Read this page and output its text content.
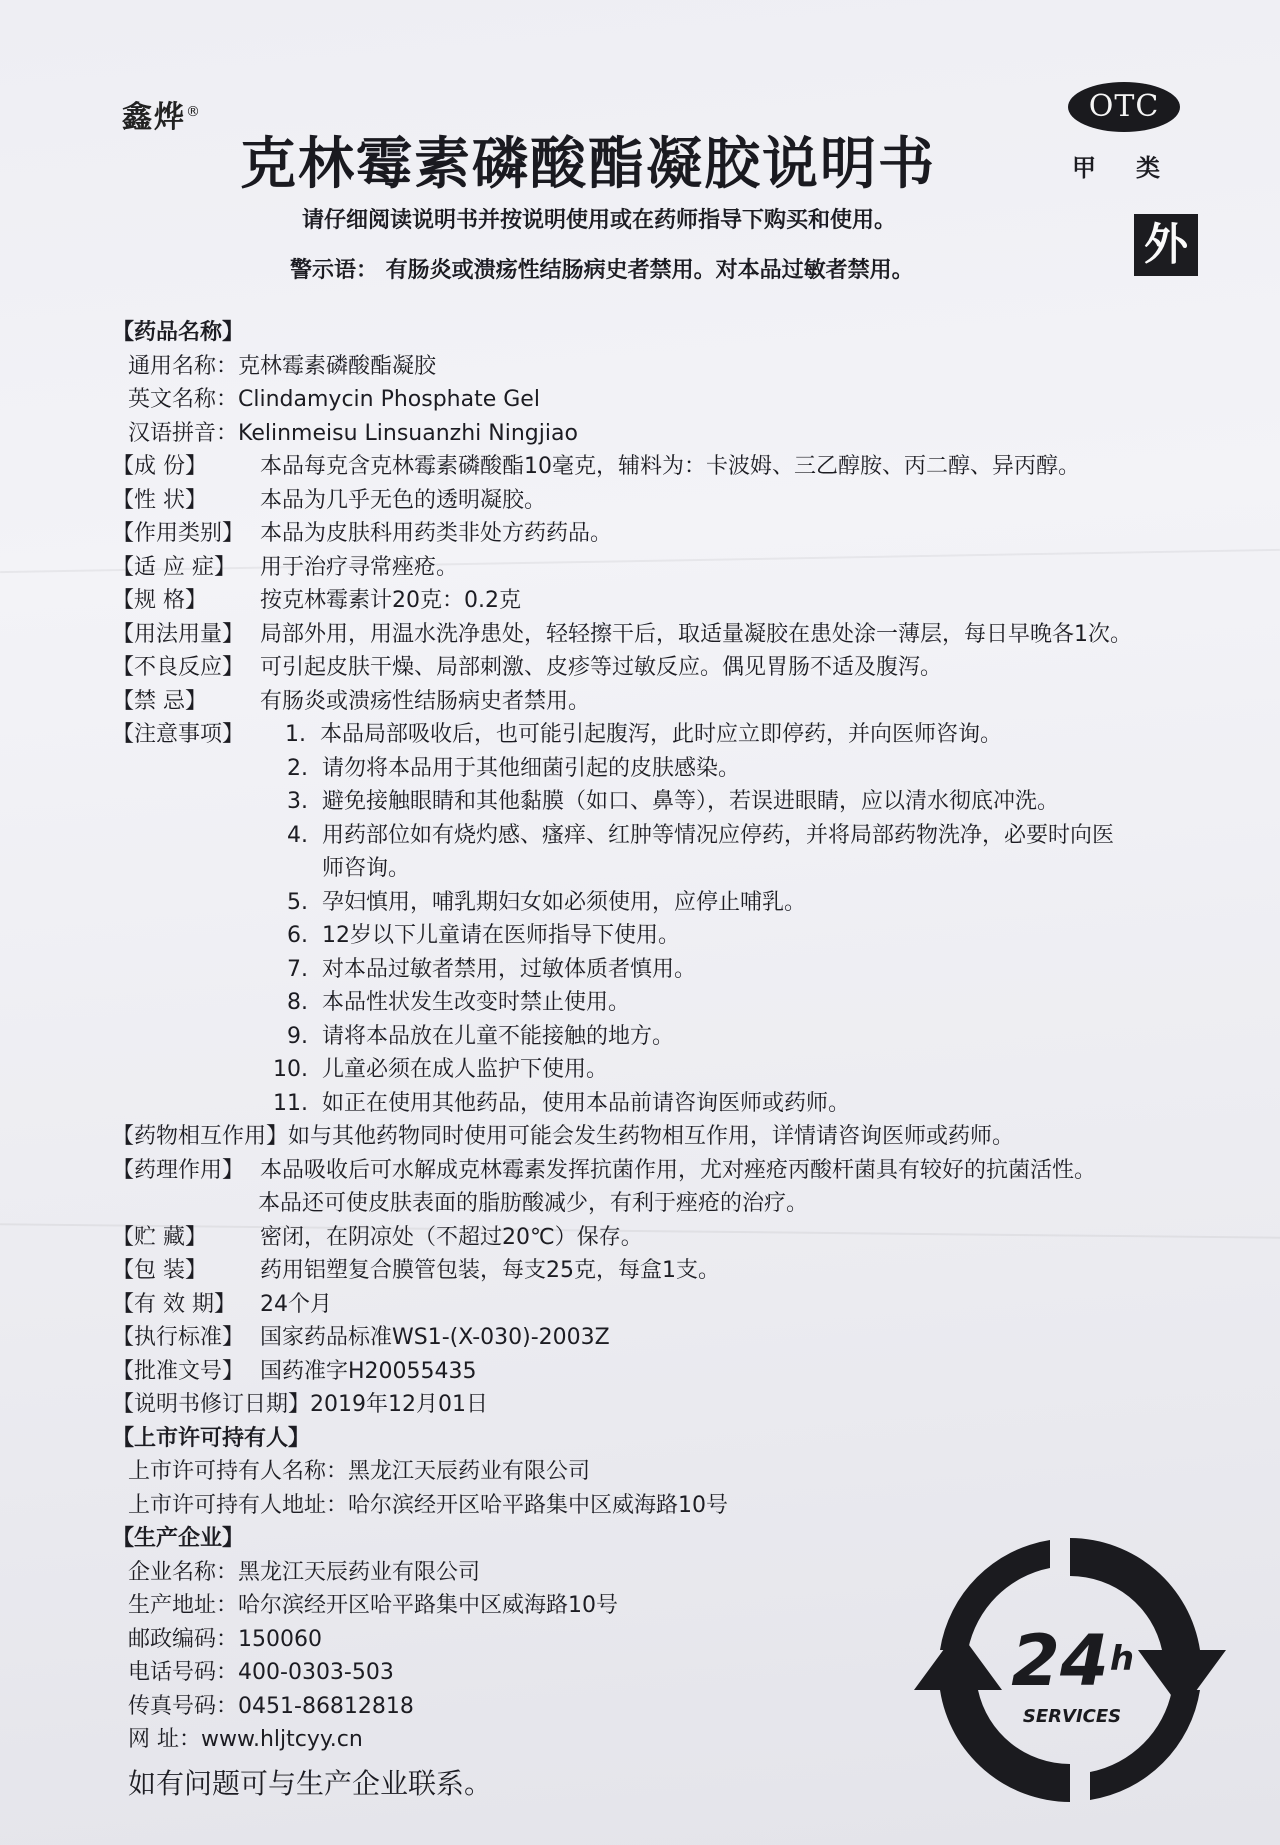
鑫烨®
克林霉素磷酸酯凝胶说明书
OTC
甲类
外
请仔细阅读说明书并按说明使用或在药师指导下购买和使用。
警示语： 有肠炎或溃疡性结肠病史者禁用。对本品过敏者禁用。
【药品名称】
通用名称：克林霉素磷酸酯凝胶
英文名称：Clindamycin Phosphate Gel
汉语拼音：Kelinmeisu Linsuanzhi Ningjiao
【成 份】 本品每克含克林霉素磷酸酯10毫克，辅料为：卡波姆、三乙醇胺、丙二醇、异丙醇。
【性 状】 本品为几乎无色的透明凝胶。
【作用类别】 本品为皮肤科用药类非处方药药品。
【适 应 症】 用于治疗寻常痤疮。
【规 格】 按克林霉素计20克：0.2克
【用法用量】 局部外用，用温水洗净患处，轻轻擦干后，取适量凝胶在患处涂一薄层，每日早晚各1次。
【不良反应】 可引起皮肤干燥、局部刺激、皮疹等过敏反应。偶见胃肠不适及腹泻。
【禁 忌】 有肠炎或溃疡性结肠病史者禁用。
【注意事项】 1. 本品局部吸收后，也可能引起腹泻，此时应立即停药，并向医师咨询。
2. 请勿将本品用于其他细菌引起的皮肤感染。
3. 避免接触眼睛和其他黏膜（如口、鼻等），若误进眼睛，应以清水彻底冲洗。
4. 用药部位如有烧灼感、瘙痒、红肿等情况应停药，并将局部药物洗净，必要时向医
师咨询。
5. 孕妇慎用，哺乳期妇女如必须使用，应停止哺乳。
6. 12岁以下儿童请在医师指导下使用。
7. 对本品过敏者禁用，过敏体质者慎用。
8. 本品性状发生改变时禁止使用。
9. 请将本品放在儿童不能接触的地方。
10. 儿童必须在成人监护下使用。
11. 如正在使用其他药品，使用本品前请咨询医师或药师。
【药物相互作用】如与其他药物同时使用可能会发生药物相互作用，详情请咨询医师或药师。
【药理作用】 本品吸收后可水解成克林霉素发挥抗菌作用，尤对痤疮丙酸杆菌具有较好的抗菌活性。
本品还可使皮肤表面的脂肪酸减少，有利于痤疮的治疗。
【贮 藏】 密闭，在阴凉处（不超过20℃）保存。
【包 装】 药用铝塑复合膜管包装，每支25克，每盒1支。
【有 效 期】 24个月
【执行标准】 国家药品标准WS1-(X-030)-2003Z
【批准文号】 国药准字H20055435
【说明书修订日期】2019年12月01日
【上市许可持有人】
上市许可持有人名称：黑龙江天辰药业有限公司
上市许可持有人地址：哈尔滨经开区哈平路集中区威海路10号
【生产企业】
企业名称：黑龙江天辰药业有限公司
生产地址：哈尔滨经开区哈平路集中区威海路10号
邮政编码：150060
电话号码：400-0303-503
传真号码：0451-86812818
网 址：www.hljtcyy.cn
如有问题可与生产企业联系。
24 h
SERVICES
